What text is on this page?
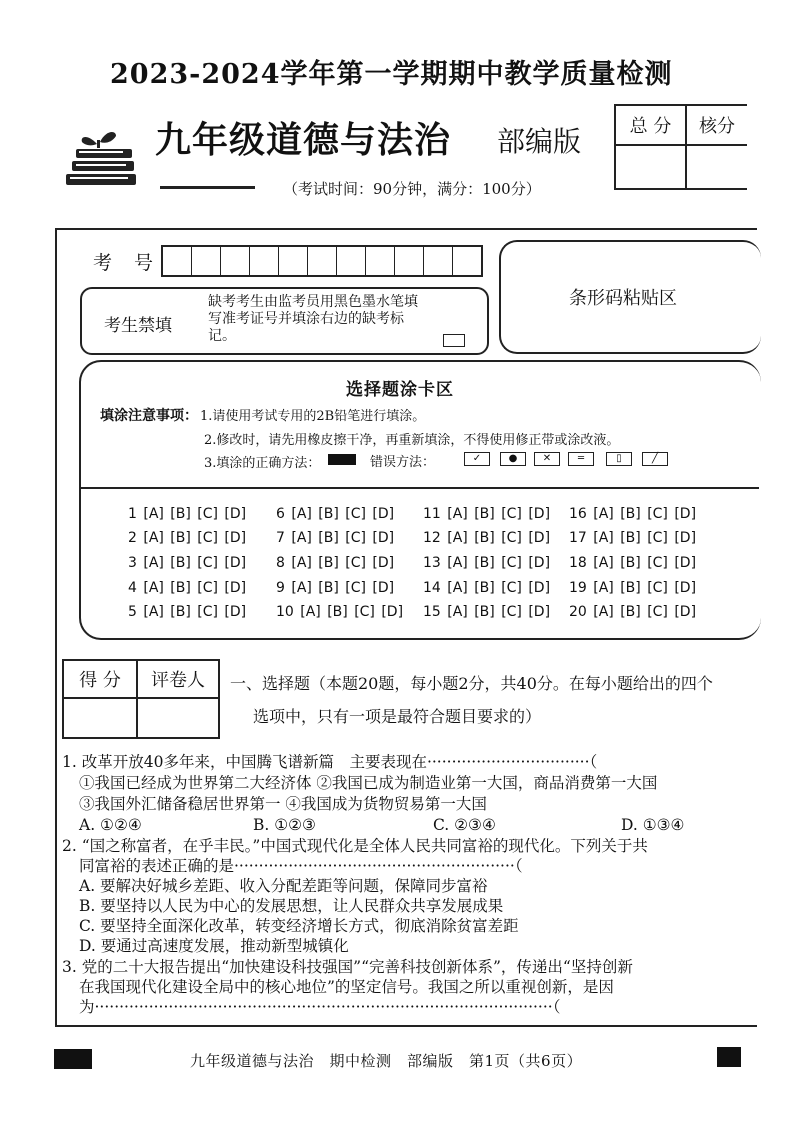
2023-2024学年第一学期期中教学质量检测
九年级道德与法治 部编版
（考试时间：90分钟，满分：100分）
总 分	核分

考 号
条形码粘贴区
考生禁填
缺考考生由监考员用黑色墨水笔填写准考证号并填涂右边的缺考标记。
选择题涂卡区
填涂注意事项： 1.请使用考试专用的2B铅笔进行填涂。
2.修改时，请先用橡皮擦干净，再重新填涂，不得使用修正带或涂改液。
3.填涂的正确方法：	错误方法：	✓	●	✕	═	▯	╱
1 [A] [B] [C] [D] 6 [A] [B] [C] [D] 11 [A] [B] [C] [D] 16 [A] [B] [C] [D]
2 [A] [B] [C] [D] 7 [A] [B] [C] [D] 12 [A] [B] [C] [D] 17 [A] [B] [C] [D]
3 [A] [B] [C] [D] 8 [A] [B] [C] [D] 13 [A] [B] [C] [D] 18 [A] [B] [C] [D]
4 [A] [B] [C] [D] 9 [A] [B] [C] [D] 14 [A] [B] [C] [D] 19 [A] [B] [C] [D]
5 [A] [B] [C] [D] 10 [A] [B] [C] [D] 15 [A] [B] [C] [D] 20 [A] [B] [C] [D]
得 分	评卷人
	一、选择题（本题20题，每小题2分，共40分。在每小题给出的四个
选项中，只有一项是最符合题目要求的）
1. 改革开放40多年来，中国腾飞谱新篇　主要表现在·································（
①我国已经成为世界第二大经济体 ②我国已成为制造业第一大国，商品消费第一大国
③我国外汇储备稳居世界第一 ④我国成为货物贸易第一大国
A. ①②④	B. ①②③	C. ②③④	D. ①③④
2. “国之称富者，在乎丰民。”中国式现代化是全体人民共同富裕的现代化。下列关于共
同富裕的表述正确的是·························································（
A. 要解决好城乡差距、收入分配差距等问题，保障同步富裕
B. 要坚持以人民为中心的发展思想，让人民群众共享发展成果
C. 要坚持全面深化改革，转变经济增长方式，彻底消除贫富差距
D. 要通过高速度发展，推动新型城镇化
3. 党的二十大报告提出“加快建设科技强国”“完善科技创新体系”，传递出“坚持创新
在我国现代化建设全局中的核心地位”的坚定信号。我国之所以重视创新，是因
为·····························································································（
九年级道德与法治　期中检测　部编版　第1页（共6页）
